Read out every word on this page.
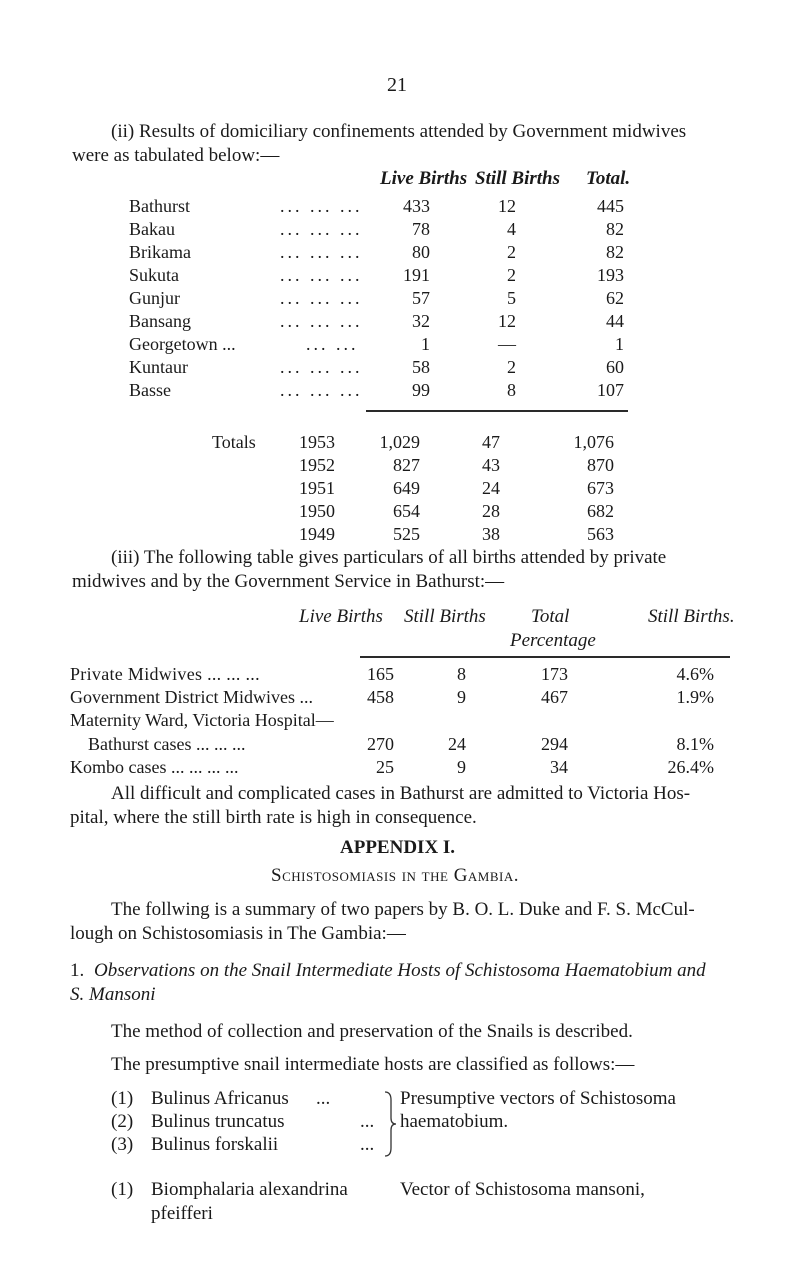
21
(ii) Results of domiciliary confinements attended by Government midwives
were as tabulated below:—
Live Births Still Births Total.
Bathurst	... ... ...	433	12	445
Bakau	... ... ...	78	4	82
Brikama	... ... ...	80	2	82
Sukuta	... ... ...	191	2	193
Gunjur	... ... ...	57	5	62
Bansang	... ... ...	32	12	44
Georgetown ...	... ...	1	—	1
Kuntaur	... ... ...	58	2	60
Basse	... ... ...	99	8	107
Totals 1953	1,029	47	1,076
1952	827	43	870
1951	649	24	673
1950	654	28	682
1949	525	38	563
(iii) The following table gives particulars of all births attended by private
midwives and by the Government Service in Bathurst:—
Live Births Still Births Total	Still Births.
Percentage
Private Midwives ... ... ...	165	8	173	4.6%
Government District Midwives ...	458	9	467	1.9%
Maternity Ward, Victoria Hospital—
Bathurst cases ... ... ...	270	24	294	8.1%
Kombo cases ... ... ... ...	25	9	34	26.4%
All difficult and complicated cases in Bathurst are admitted to Victoria Hos-
pital, where the still birth rate is high in consequence.
APPENDIX I.
Schistosomiasis in the Gambia.
The follwing is a summary of two papers by B. O. L. Duke and F. S. McCul-
lough on Schistosomiasis in The Gambia:—
1. Observations on the Snail Intermediate Hosts of Schistosoma Haematobium and
S. Mansoni
The method of collection and preservation of the Snails is described.
The presumptive snail intermediate hosts are classified as follows:—
(1) Bulinus Africanus ...
(2) Bulinus truncatus	...
(3) Bulinus forskalii	...
Presumptive vectors of Schistosoma
haematobium.
(1) Biomphalaria alexandrina
pfeifferi
Vector of Schistosoma mansoni,
